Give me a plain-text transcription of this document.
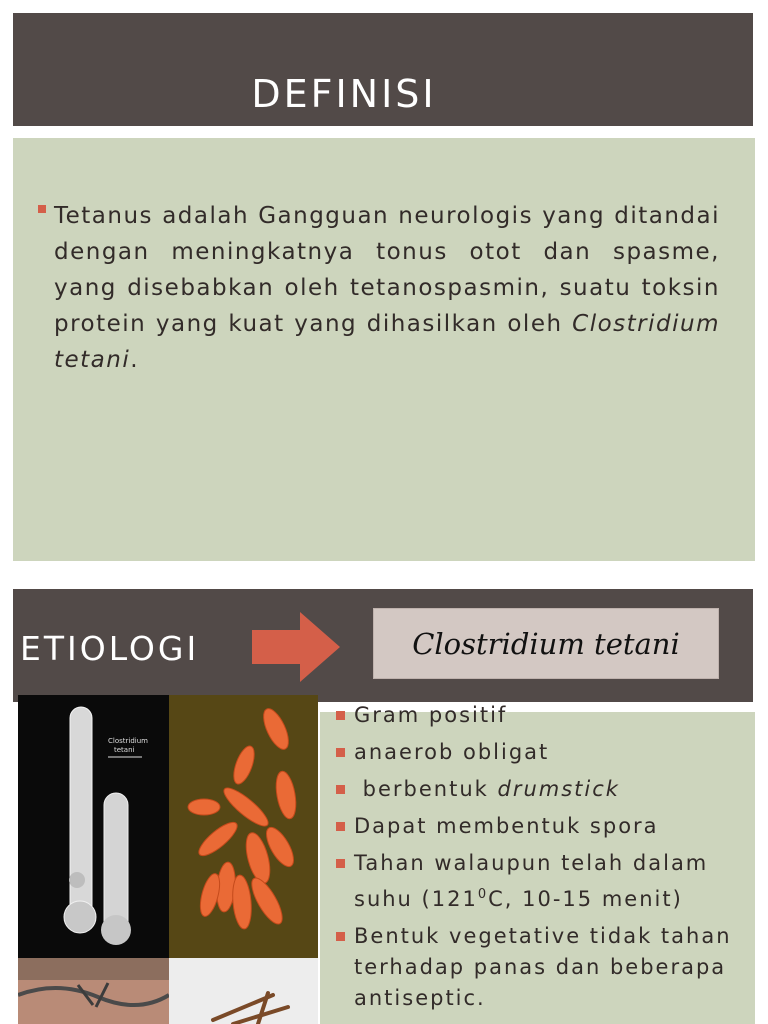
DEFINISI
Tetanus adalah Gangguan neurologis yang ditandai dengan meningkatnya tonus otot dan spasme, yang disebabkan oleh tetanospasmin, suatu toksin protein yang kuat yang dihasilkan oleh Clostridium tetani.
ETIOLOGI	Clostridium tetani
Clostridium
tetani
Gram positif
anaerob obligat
berbentuk drumstick
Dapat membentuk spora
Tahan walaupun telah dalam suhu ($121^0C$, 10-15 menit)
Bentuk vegetative tidak tahan terhadap panas dan beberapa antiseptic.
